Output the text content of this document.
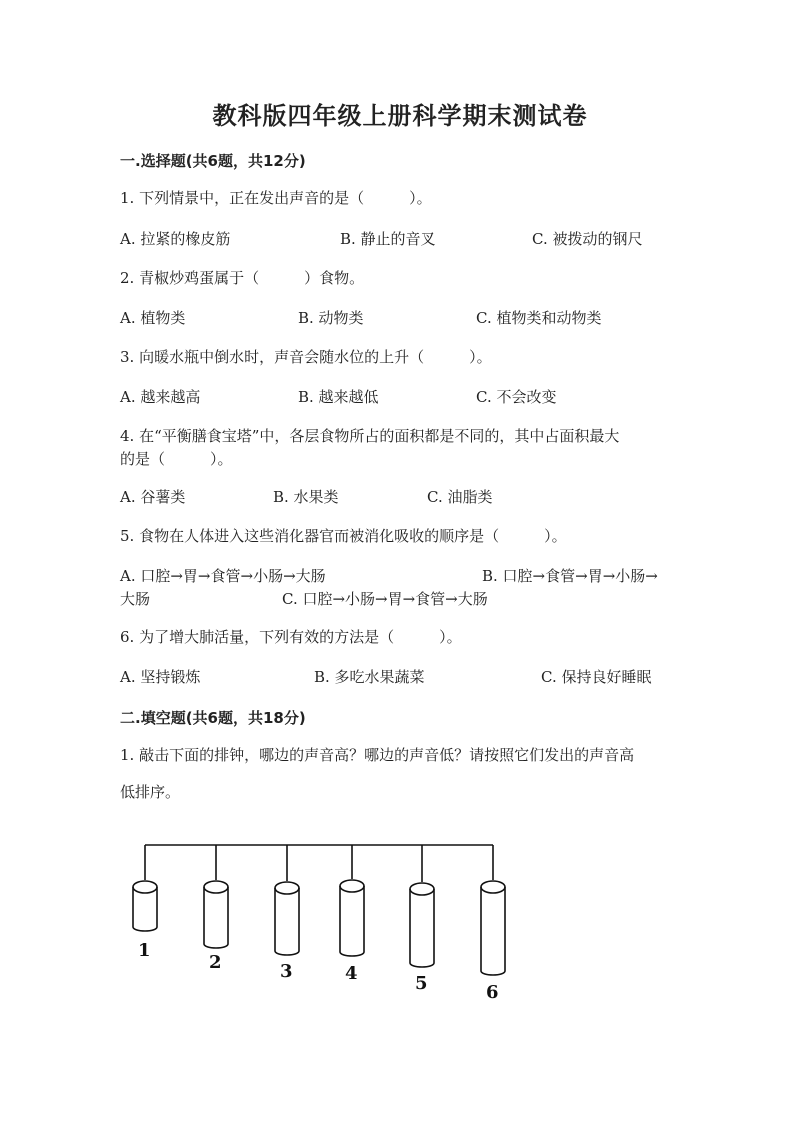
教科版四年级上册科学期末测试卷
一.选择题(共6题，共12分)
1. 下列情景中，正在发出声音的是（　　　）。
A. 拉紧的橡皮筋	B. 静止的音叉	C. 被拨动的钢尺
2. 青椒炒鸡蛋属于（　　　）食物。
A. 植物类	B. 动物类	C. 植物类和动物类
3. 向暖水瓶中倒水时，声音会随水位的上升（　　　）。
A. 越来越高	B. 越来越低	C. 不会改变
4. 在“平衡膳食宝塔”中，各层食物所占的面积都是不同的，其中占面积最大
的是（　　　）。
A. 谷薯类	B. 水果类	C. 油脂类
5. 食物在人体进入这些消化器官而被消化吸收的顺序是（　　　）。
A. 口腔→胃→食管→小肠→大肠	B. 口腔→食管→胃→小肠→
大肠	C. 口腔→小肠→胃→食管→大肠
6. 为了增大肺活量，下列有效的方法是（　　　）。
A. 坚持锻炼	B. 多吃水果蔬菜	C. 保持良好睡眠
二.填空题(共6题，共18分)
1. 敲击下面的排钟，哪边的声音高？哪边的声音低？请按照它们发出的声音高
低排序。
1
2	3	4	5	6
